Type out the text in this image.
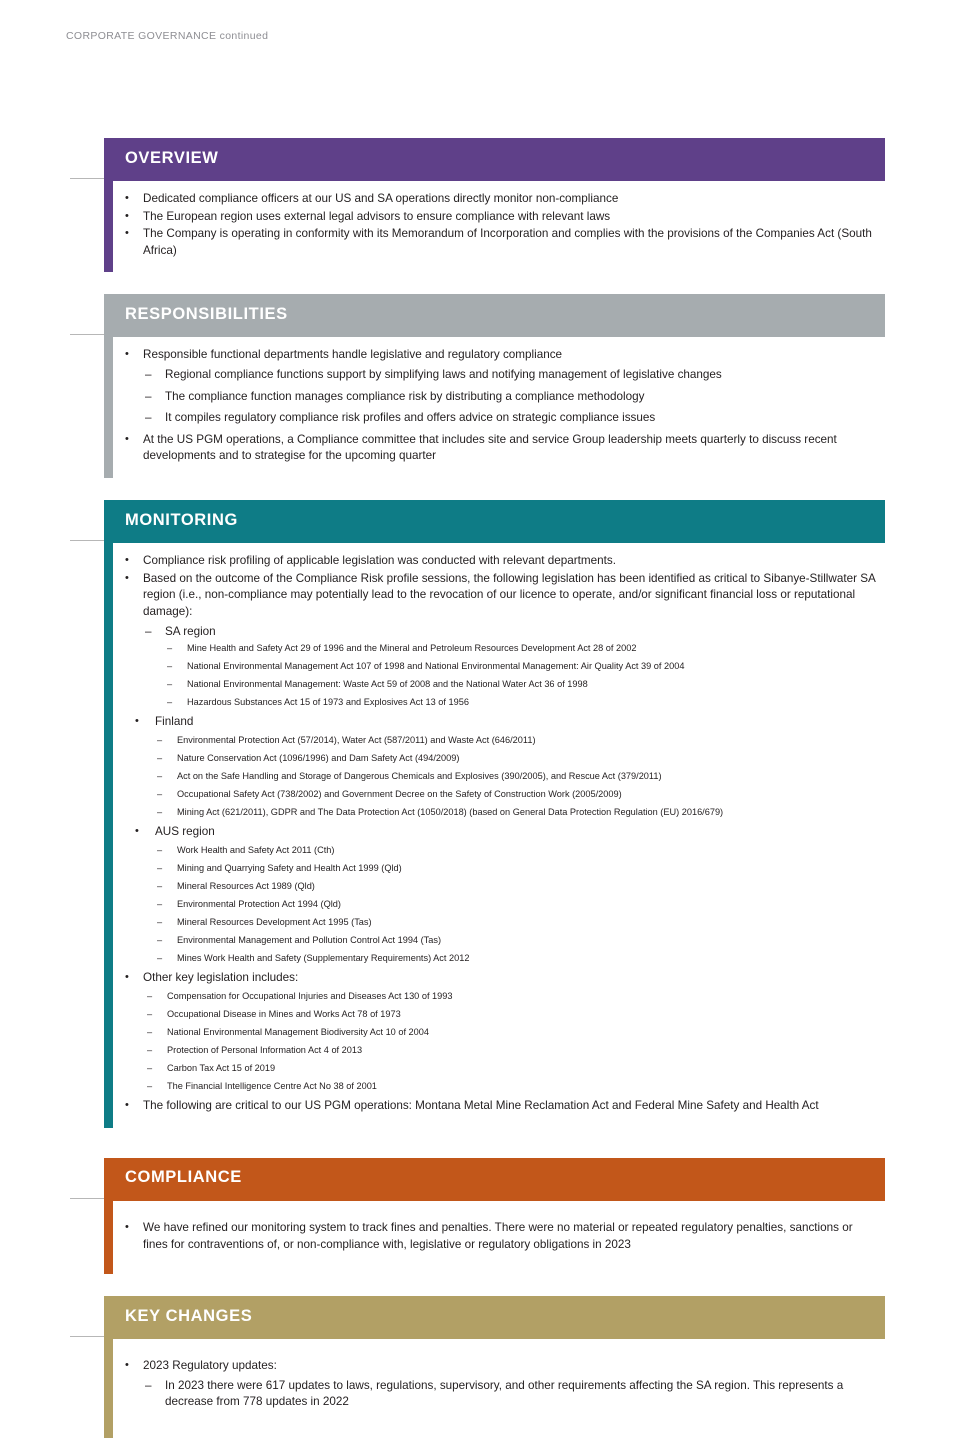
CORPORATE GOVERNANCE continued
OVERVIEW
• Dedicated compliance officers at our US and SA operations directly monitor non-compliance
• The European region uses external legal advisors to ensure compliance with relevant laws
• The Company is operating in conformity with its Memorandum of Incorporation and complies with the provisions of the Companies Act (South Africa)
RESPONSIBILITIES
• Responsible functional departments handle legislative and regulatory compliance
– Regional compliance functions support by simplifying laws and notifying management of legislative changes
– The compliance function manages compliance risk by distributing a compliance methodology
– It compiles regulatory compliance risk profiles and offers advice on strategic compliance issues
• At the US PGM operations, a Compliance committee that includes site and service Group leadership meets quarterly to discuss recent developments and to strategise for the upcoming quarter
MONITORING
• Compliance risk profiling of applicable legislation was conducted with relevant departments.
• Based on the outcome of the Compliance Risk profile sessions, the following legislation has been identified as critical to Sibanye-Stillwater SA region (i.e., non-compliance may potentially lead to the revocation of our licence to operate, and/or significant financial loss or reputational damage):
– SA region
– Mine Health and Safety Act 29 of 1996 and the Mineral and Petroleum Resources Development Act 28 of 2002
– National Environmental Management Act 107 of 1998 and National Environmental Management: Air Quality Act 39 of 2004
– National Environmental Management: Waste Act 59 of 2008 and the National Water Act 36 of 1998
– Hazardous Substances Act 15 of 1973 and Explosives Act 13 of 1956
• Finland
– Environmental Protection Act (57/2014), Water Act (587/2011) and Waste Act (646/2011)
– Nature Conservation Act (1096/1996) and Dam Safety Act (494/2009)
– Act on the Safe Handling and Storage of Dangerous Chemicals and Explosives (390/2005), and Rescue Act (379/2011)
– Occupational Safety Act (738/2002) and Government Decree on the Safety of Construction Work (2005/2009)
– Mining Act (621/2011), GDPR and The Data Protection Act (1050/2018) (based on General Data Protection Regulation (EU) 2016/679)
• AUS region
– Work Health and Safety Act 2011 (Cth)
– Mining and Quarrying Safety and Health Act 1999 (Qld)
– Mineral Resources Act 1989 (Qld)
– Environmental Protection Act 1994 (Qld)
– Mineral Resources Development Act 1995 (Tas)
– Environmental Management and Pollution Control Act 1994 (Tas)
– Mines Work Health and Safety (Supplementary Requirements) Act 2012
• Other key legislation includes:
– Compensation for Occupational Injuries and Diseases Act 130 of 1993
– Occupational Disease in Mines and Works Act 78 of 1973
– National Environmental Management Biodiversity Act 10 of 2004
– Protection of Personal Information Act 4 of 2013
– Carbon Tax Act 15 of 2019
– The Financial Intelligence Centre Act No 38 of 2001
• The following are critical to our US PGM operations: Montana Metal Mine Reclamation Act and Federal Mine Safety and Health Act
COMPLIANCE
• We have refined our monitoring system to track fines and penalties. There were no material or repeated regulatory penalties, sanctions or fines for contraventions of, or non-compliance with, legislative or regulatory obligations in 2023
KEY CHANGES
• 2023 Regulatory updates:
– In 2023 there were 617 updates to laws, regulations, supervisory, and other requirements affecting the SA region. This represents a decrease from 778 updates in 2022
